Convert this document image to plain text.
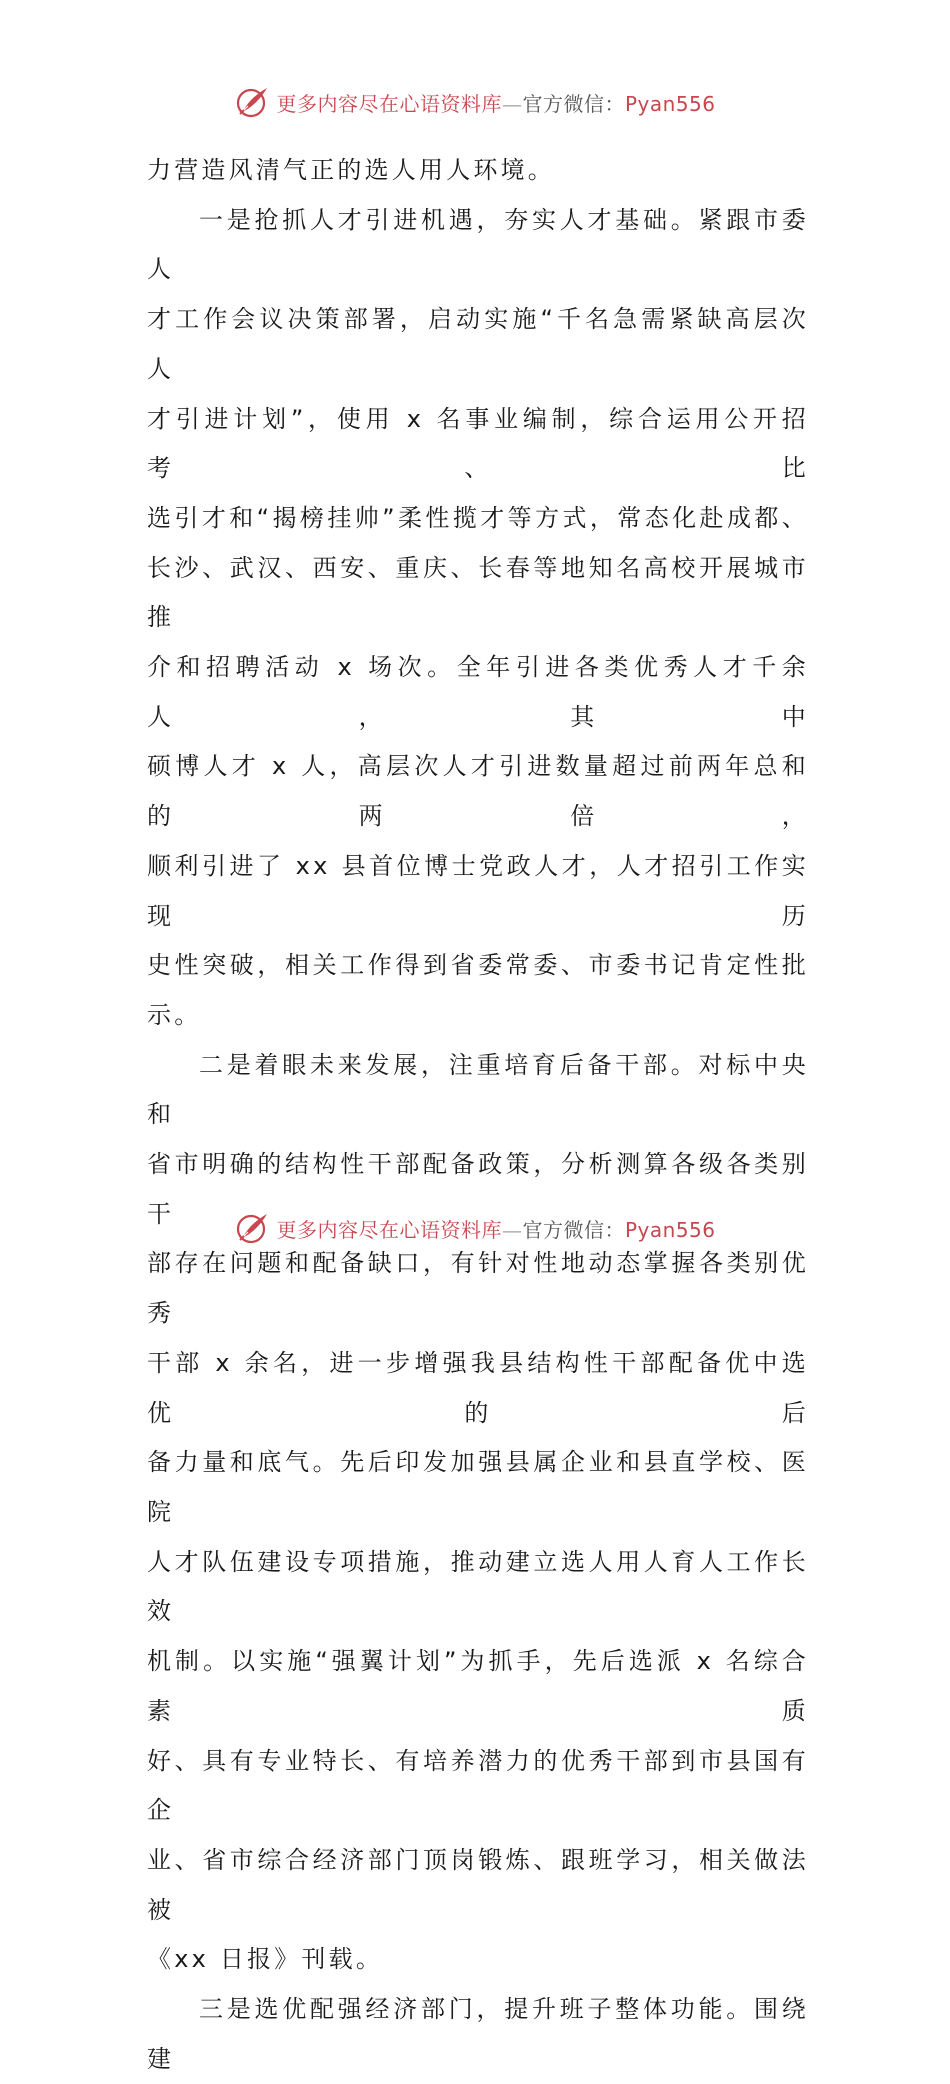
更多内容尽在心语资料库—官方微信：Pyan556

力营造风清气正的选人用人环境。

一是抢抓人才引进机遇，夯实人才基础。紧跟市委人

才工作会议决策部署，启动实施“千名急需紧缺高层次人

才引进计划”，使用 x 名事业编制，综合运用公开招考、比

选引才和“揭榜挂帅”柔性揽才等方式，常态化赴成都、

长沙、武汉、西安、重庆、长春等地知名高校开展城市推

介和招聘活动 x 场次。全年引进各类优秀人才千余人，其中

硕博人才 x 人，高层次人才引进数量超过前两年总和的两倍，

顺利引进了 xx 县首位博士党政人才，人才招引工作实现历

史性突破，相关工作得到省委常委、市委书记肯定性批示。

二是着眼未来发展，注重培育后备干部。对标中央和

省市明确的结构性干部配备政策，分析测算各级各类别干

部存在问题和配备缺口，有针对性地动态掌握各类别优秀

干部 x 余名，进一步增强我县结构性干部配备优中选优的后

备力量和底气。先后印发加强县属企业和县直学校、医院

人才队伍建设专项措施，推动建立选人用人育人工作长效

机制。以实施“强翼计划”为抓手，先后选派 x 名综合素质

好、具有专业特长、有培养潜力的优秀干部到市县国有企

业、省市综合经济部门顶岗锻炼、跟班学习，相关做法被

《xx 日报》刊载。

三是选优配强经济部门，提升班子整体功能。围绕建

更多内容尽在心语资料库—官方微信：Pyan556
